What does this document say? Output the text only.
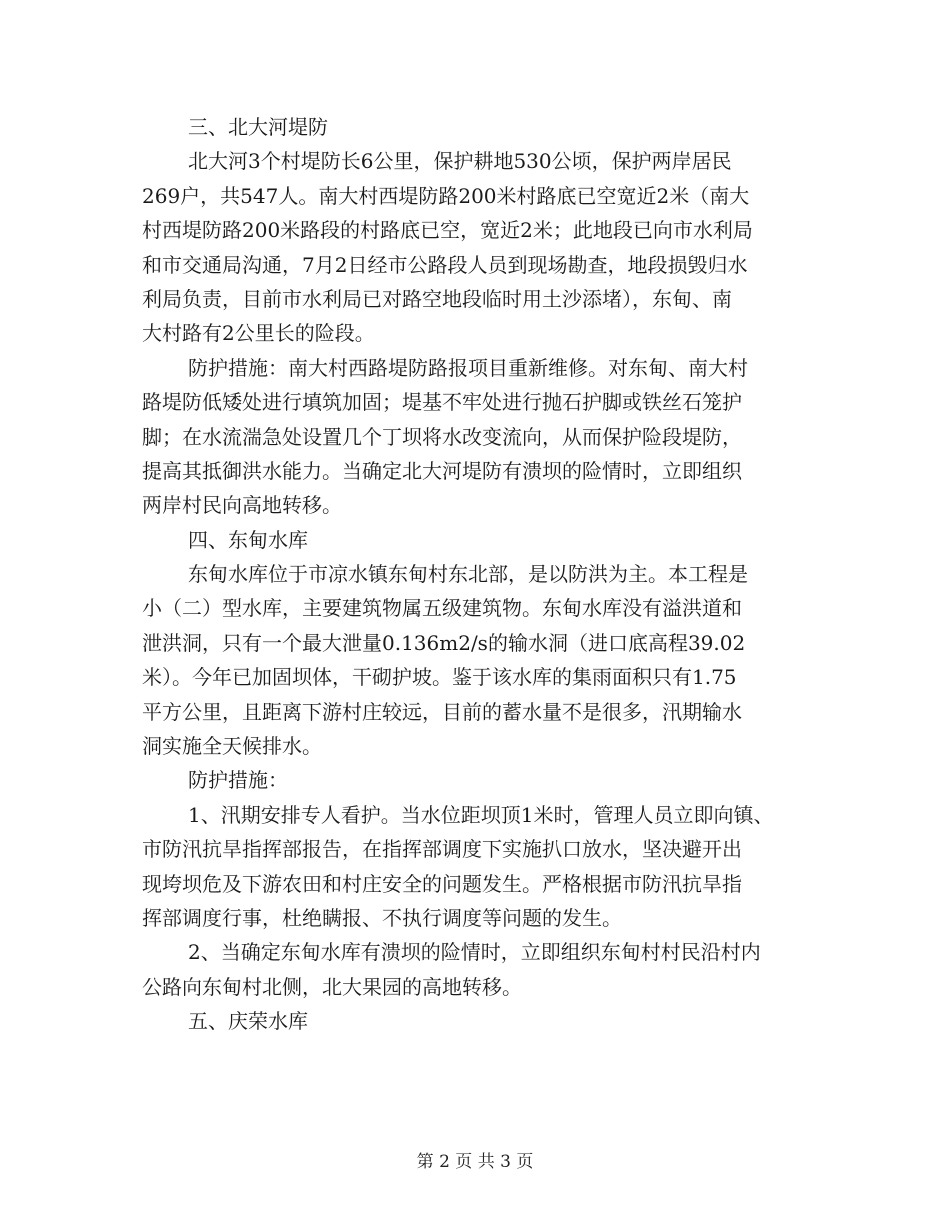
三、北大河堤防
北大河3个村堤防长6公里，保护耕地530公顷，保护两岸居民
269户，共547人。南大村西堤防路200米村路底已空宽近2米（南大
村西堤防路200米路段的村路底已空，宽近2米；此地段已向市水利局
和市交通局沟通，7月2日经市公路段人员到现场勘查，地段损毁归水
利局负责，目前市水利局已对路空地段临时用土沙添堵），东甸、南
大村路有2公里长的险段。
防护措施：南大村西路堤防路报项目重新维修。对东甸、南大村
路堤防低矮处进行填筑加固；堤基不牢处进行抛石护脚或铁丝石笼护
脚；在水流湍急处设置几个丁坝将水改变流向，从而保护险段堤防，
提高其抵御洪水能力。当确定北大河堤防有溃坝的险情时，立即组织
两岸村民向高地转移。
四、东甸水库
东甸水库位于市凉水镇东甸村东北部，是以防洪为主。本工程是
小（二）型水库，主要建筑物属五级建筑物。东甸水库没有溢洪道和
泄洪洞，只有一个最大泄量0.136m2/s的输水洞（进口底高程39.02
米）。今年已加固坝体，干砌护坡。鉴于该水库的集雨面积只有1.75
平方公里，且距离下游村庄较远，目前的蓄水量不是很多，汛期输水
洞实施全天候排水。
防护措施：
1、汛期安排专人看护。当水位距坝顶1米时，管理人员立即向镇、
市防汛抗旱指挥部报告，在指挥部调度下实施扒口放水，坚决避开出
现垮坝危及下游农田和村庄安全的问题发生。严格根据市防汛抗旱指
挥部调度行事，杜绝瞒报、不执行调度等问题的发生。
2、当确定东甸水库有溃坝的险情时，立即组织东甸村村民沿村内
公路向东甸村北侧，北大果园的高地转移。
五、庆荣水库
第 2 页 共 3 页
